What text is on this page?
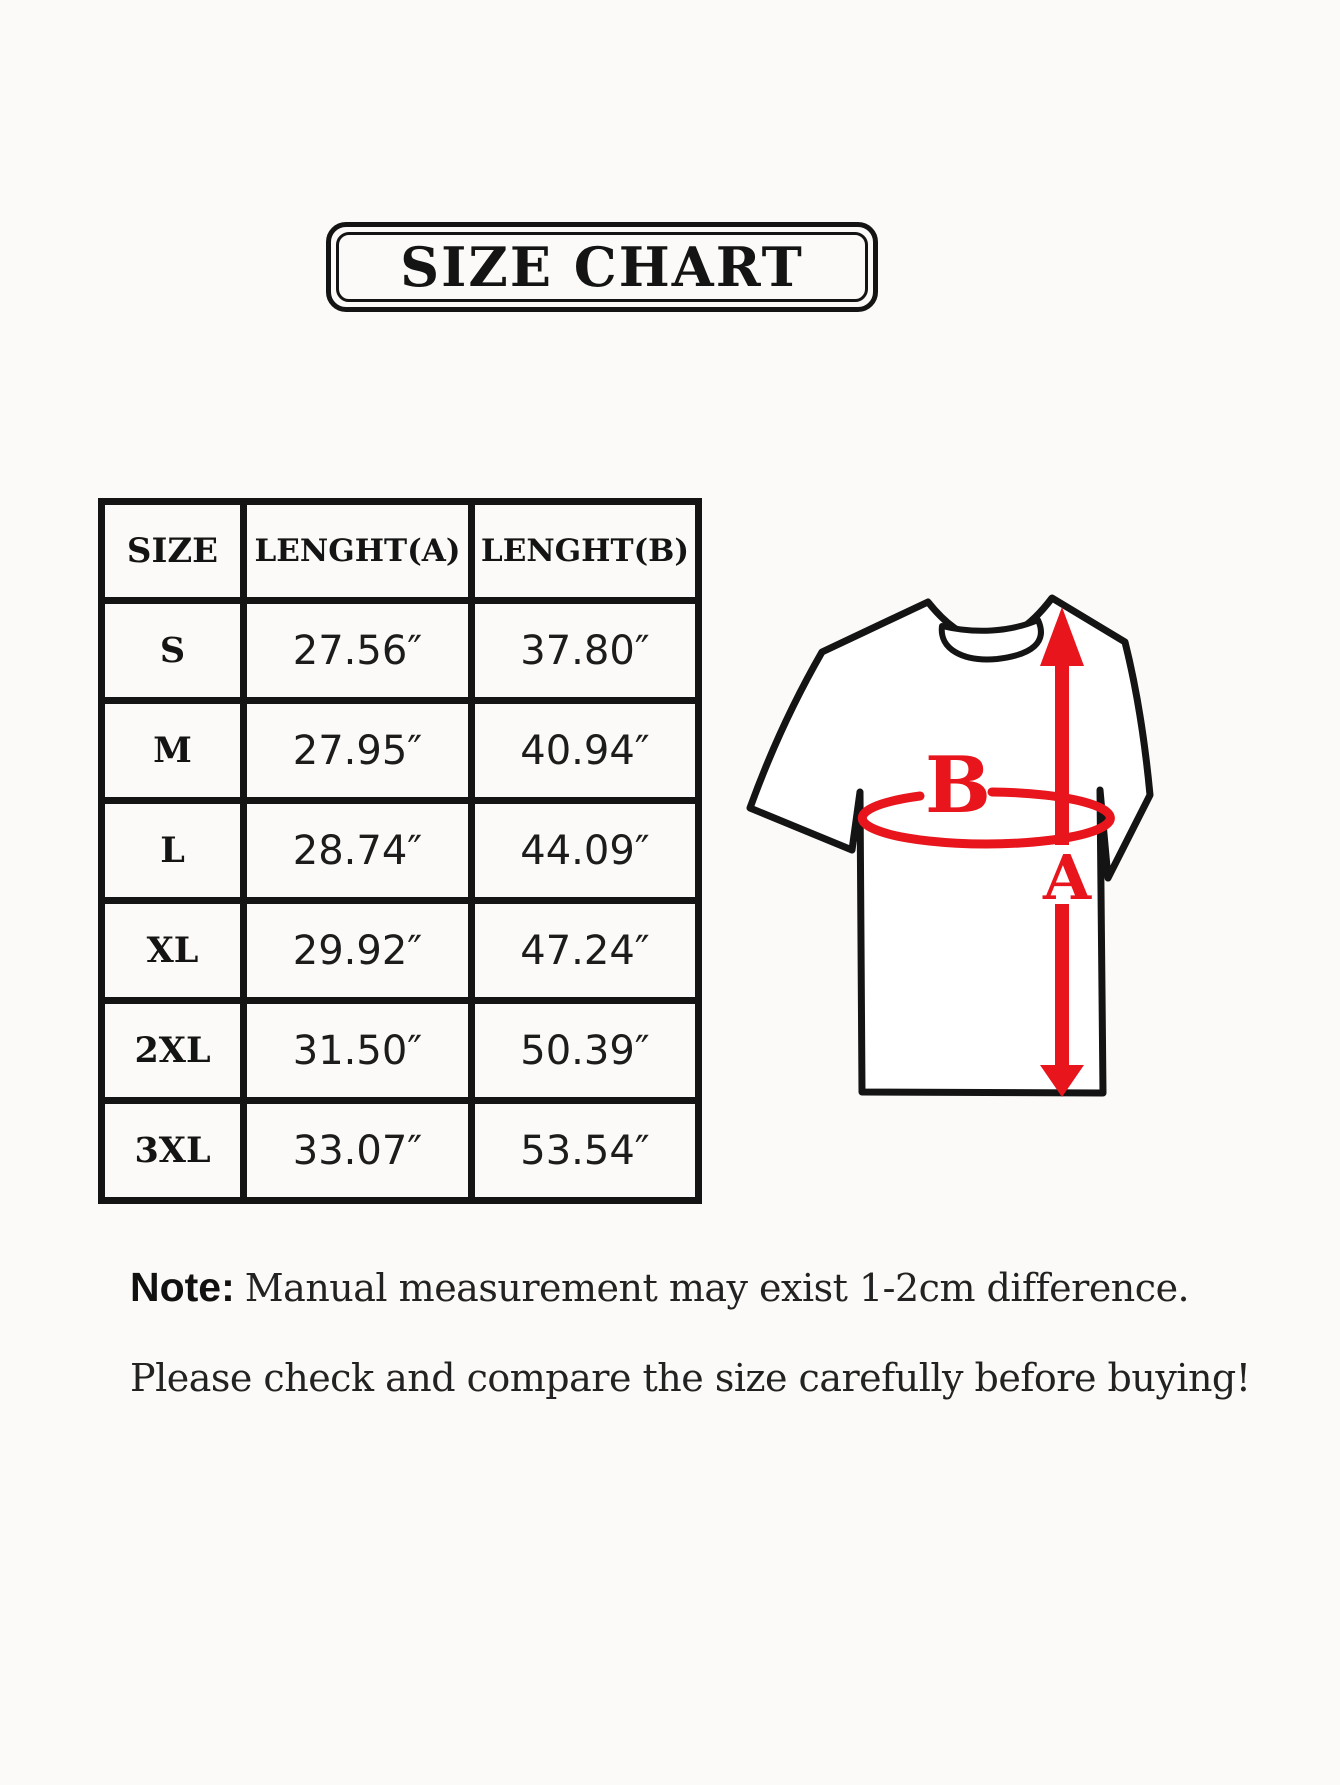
SIZE CHART
SIZE	LENGHT(A)	LENGHT(B)
S	27.56″	37.80″
M	27.95″	40.94″
L	28.74″	44.09″
XL	29.92″	47.24″
2XL	31.50″	50.39″
3XL	33.07″	53.54″
B
A
Note: Manual measurement may exist 1-2cm difference.
Please check and compare the size carefully before buying!
